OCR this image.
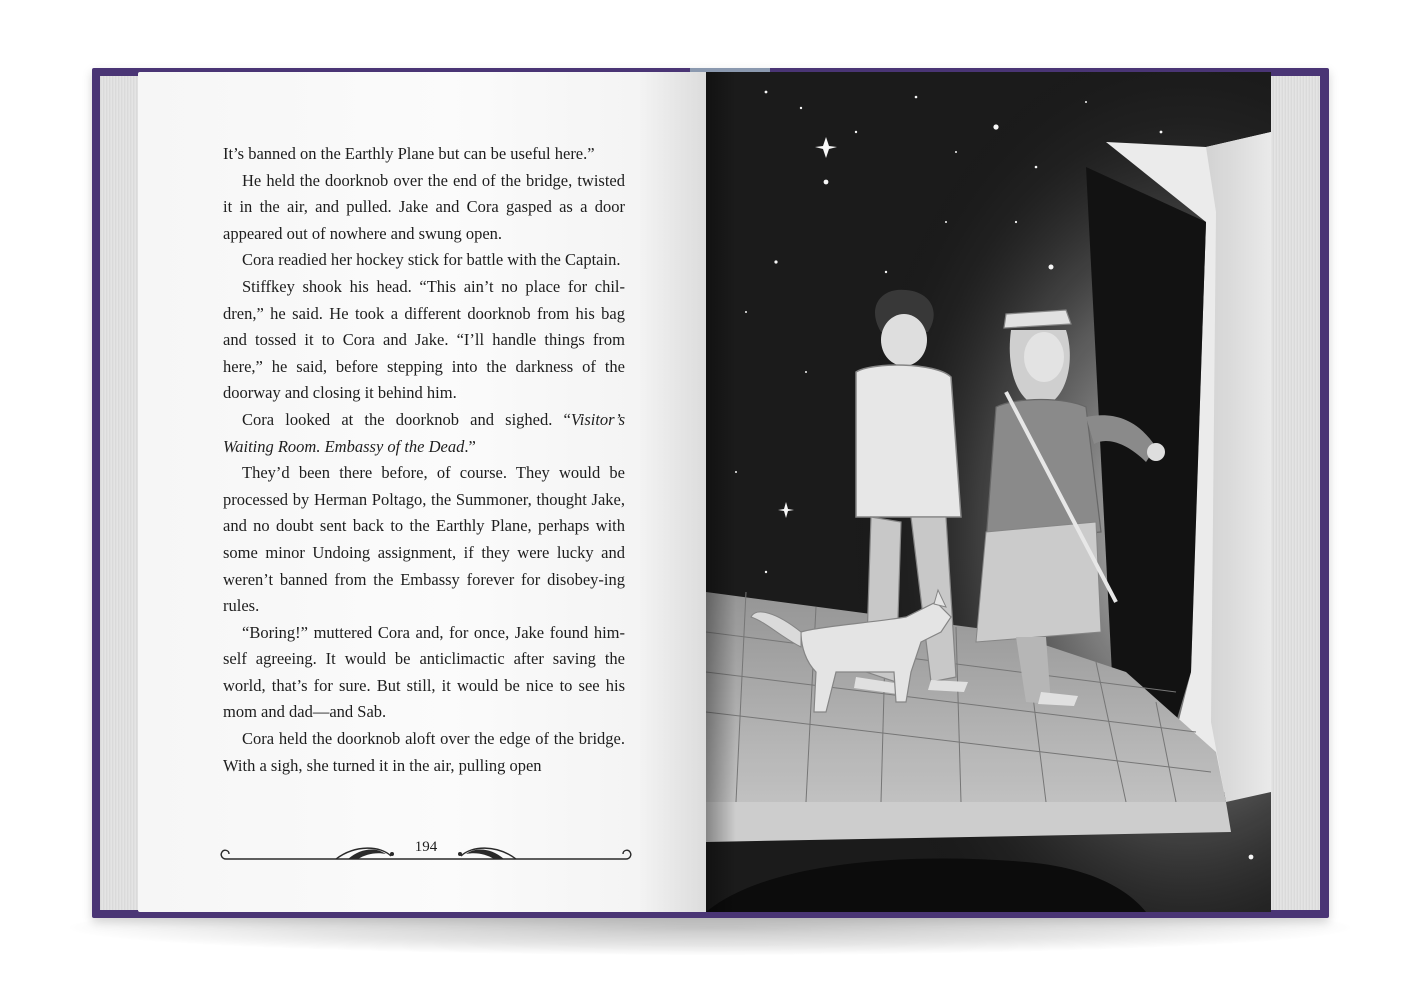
It’s banned on the Earthly Plane but can be useful here.”

He held the doorknob over the end of the bridge, twisted it in the air, and pulled. Jake and Cora gasped as a door appeared out of nowhere and swung open.

Cora readied her hockey stick for battle with the Captain.

Stiffkey shook his head. “This ain’t no place for chil-dren,” he said. He took a different doorknob from his bag and tossed it to Cora and Jake. “I’ll handle things from here,” he said, before stepping into the darkness of the doorway and closing it behind him.

Cora looked at the doorknob and sighed. “Visitor’s Waiting Room. Embassy of the Dead.”

They’d been there before, of course. They would be processed by Herman Poltago, the Summoner, thought Jake, and no doubt sent back to the Earthly Plane, perhaps with some minor Undoing assignment, if they were lucky and weren’t banned from the Embassy forever for disobey-ing rules.

“Boring!” muttered Cora and, for once, Jake found him-self agreeing. It would be anticlimactic after saving the world, that’s for sure. But still, it would be nice to see his mom and dad—and Sab.

Cora held the doorknob aloft over the edge of the bridge. With a sigh, she turned it in the air, pulling open

194
